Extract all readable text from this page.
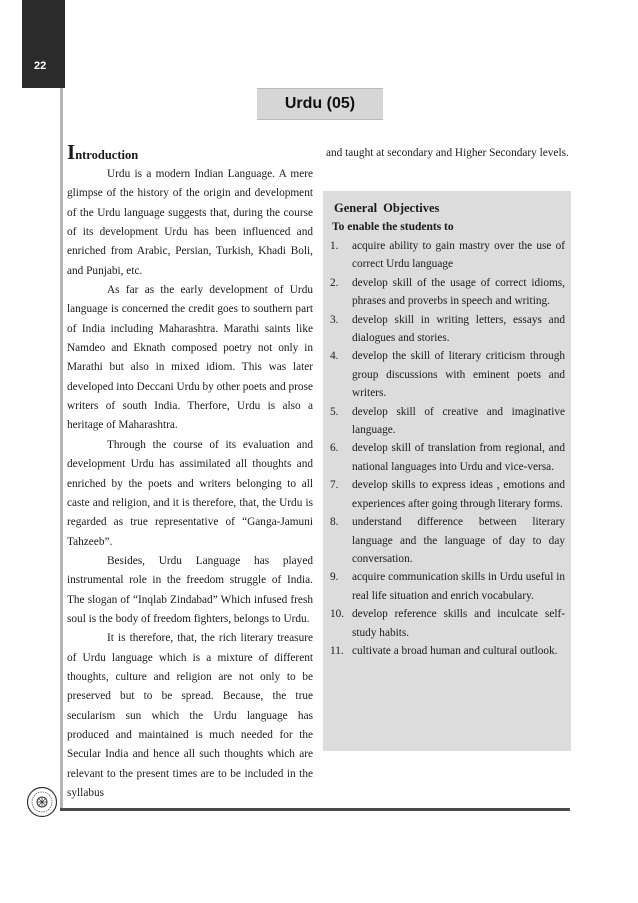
22
Urdu (05)
Introduction

Urdu is a modern Indian Language. A mere glimpse of the history of the origin and development of the Urdu language suggests that, during the course of its development Urdu has been influenced and enriched from Arabic, Persian, Turkish, Khadi Boli, and Punjabi, etc.

As far as the early development of Urdu language is concerned the credit goes to southern part of India including Maharashtra. Marathi saints like Namdeo and Eknath composed poetry not only in Marathi but also in mixed idiom. This was later developed into Deccani Urdu by other poets and prose writers of south India. Therfore, Urdu is also a heritage of Maharashtra.

Through the course of its evaluation and development Urdu has assimilated all thoughts and enriched by the poets and writers belonging to all caste and religion, and it is therefore, that, the Urdu is regarded as true representative of “Ganga-Jamuni Tahzeeb”.

Besides, Urdu Language has played instrumental role in the freedom struggle of India. The slogan of “Inqlab Zindabad” Which infused fresh soul is the body of freedom fighters, belongs to Urdu.

It is therefore, that, the rich literary treasure of Urdu language which is a mixture of different thoughts, culture and religion are not only to be preserved but to be spread. Because, the true secularism sun which the Urdu language has produced and maintained is much needed for the Secular India and hence all such thoughts which are relevant to the present times are to be included in the syllabus

and taught at secondary and Higher Secondary levels.

General Objectives
To enable the students to
1.	acquire ability to gain mastry over the use of correct Urdu language
2.	develop skill of the usage of correct idioms, phrases and proverbs in speech and writing.
3.	develop skill in writing letters, essays and dialogues and stories.
4.	develop the skill of literary criticism through group discussions with eminent poets and writers.
5.	develop skill of creative and imaginative language.
6.	develop skill of translation from regional, and national languages into Urdu and vice-versa.
7.	develop skills to express ideas , emotions and experiences after going through literary forms.
8.	understand difference between literary language and the language of day to day conversation.
9.	acquire communication skills in Urdu useful in real life situation and enrich vocabulary.
10. develop reference skills and inculcate self-study habits.
11. cultivate a broad human and cultural outlook.
